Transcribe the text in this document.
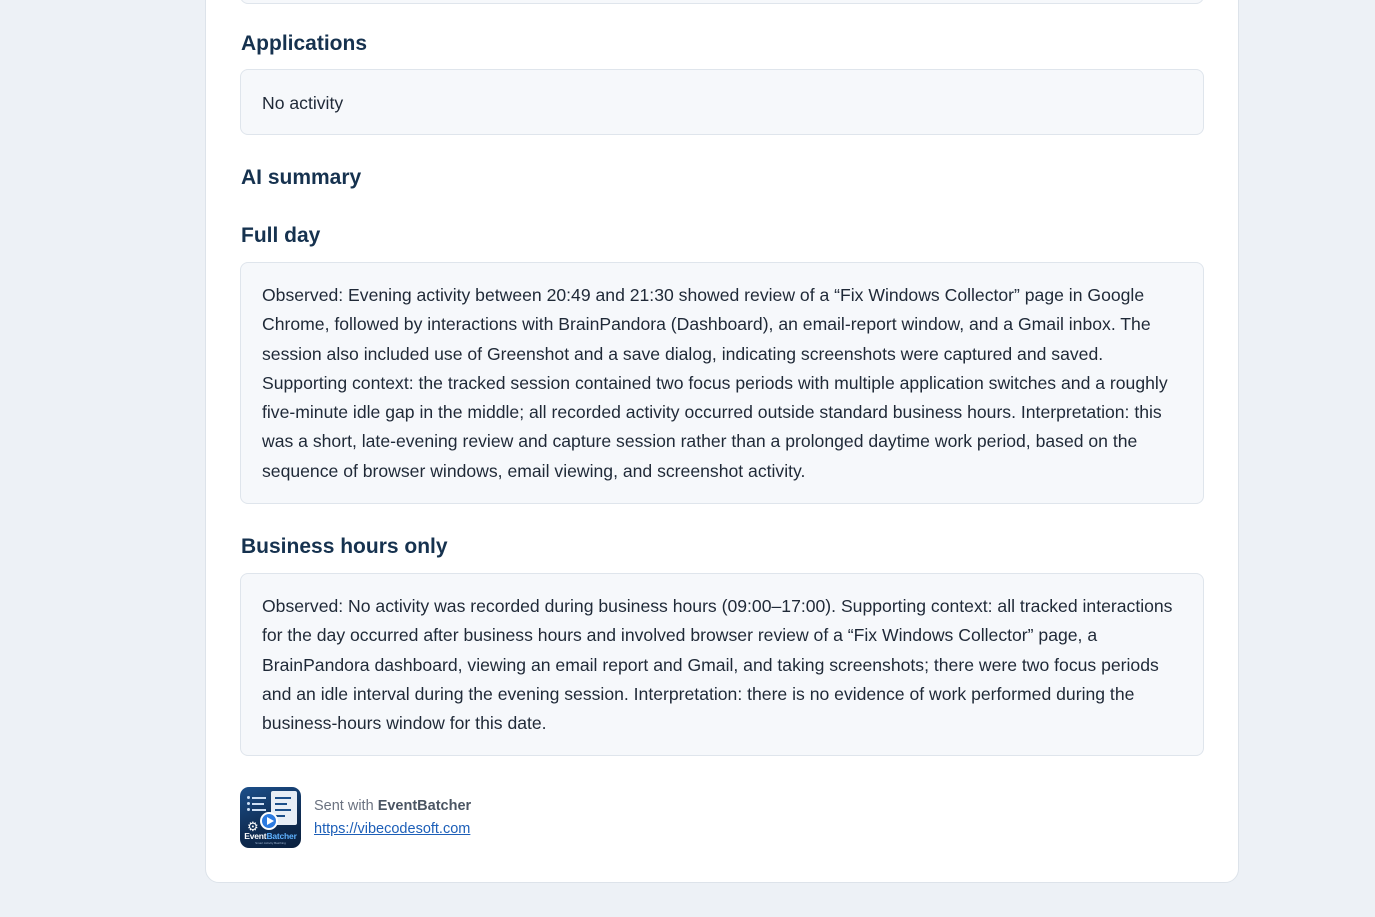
Applications

No activity

AI summary
Full day

Observed: Evening activity between 20:49 and 21:30 showed review of a “Fix Windows Collector” page in Google Chrome, followed by interactions with BrainPandora (Dashboard), an email-report window, and a Gmail inbox. The session also included use of Greenshot and a save dialog, indicating screenshots were captured and saved. Supporting context: the tracked session contained two focus periods with multiple application switches and a roughly five-minute idle gap in the middle; all recorded activity occurred outside standard business hours. Interpretation: this was a short, late-evening review and capture session rather than a prolonged daytime work period, based on the sequence of browser windows, email viewing, and screenshot activity.

Business hours only

Observed: No activity was recorded during business hours (09:00–17:00). Supporting context: all tracked interactions for the day occurred after business hours and involved browser review of a “Fix Windows Collector” page, a BrainPandora dashboard, viewing an email report and Gmail, and taking screenshots; there were two focus periods and an idle interval during the evening session. Interpretation: there is no evidence of work performed during the business-hours window for this date.

⚙
EventBatcher
Smart Activity Batching
Sent with EventBatcher
https://vibecodesoft.com
